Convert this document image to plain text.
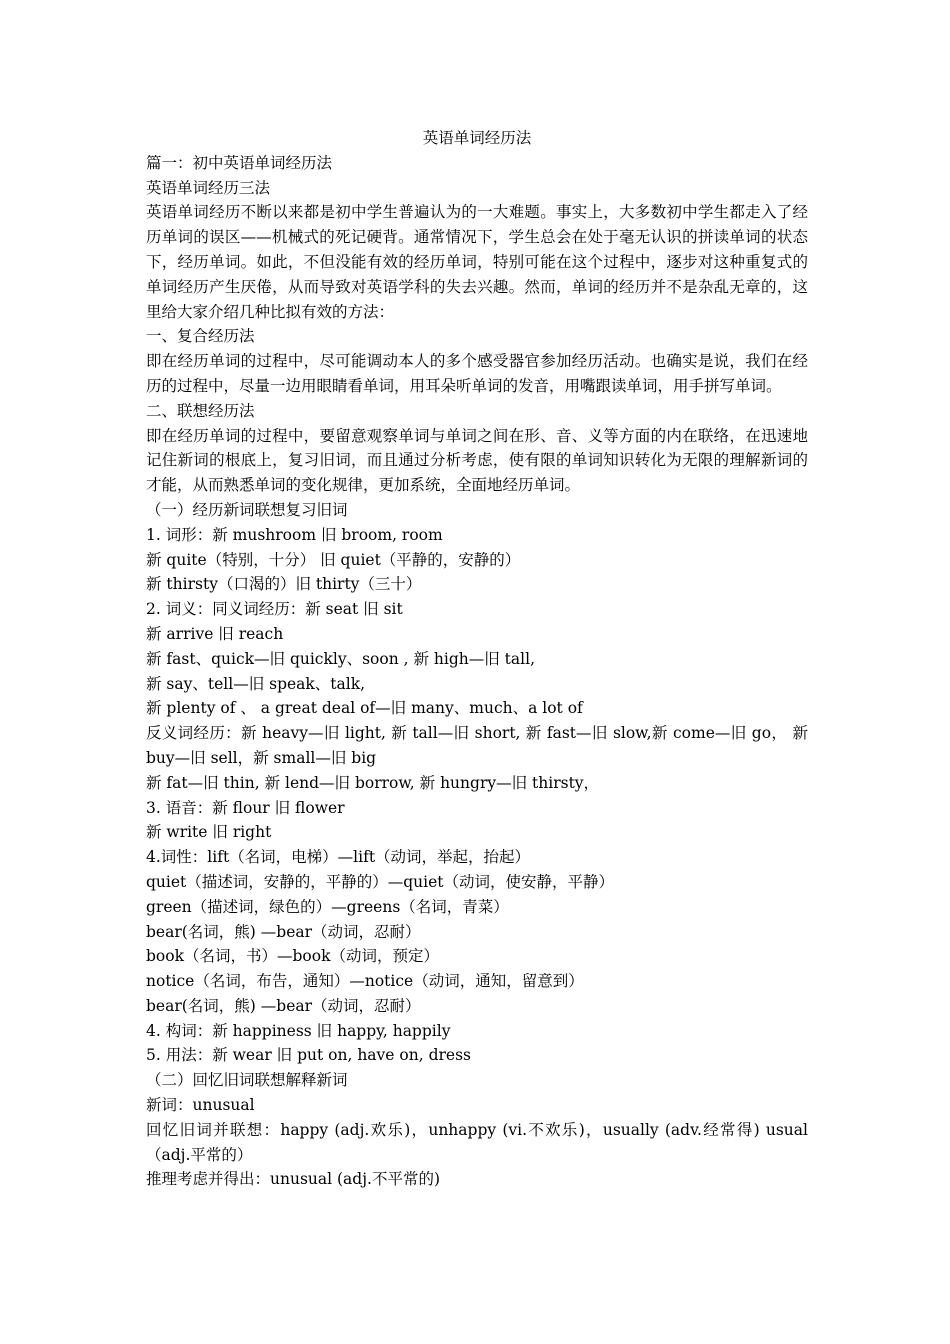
英语单词经历法

篇一：初中英语单词经历法

英语单词经历三法

英语单词经历不断以来都是初中学生普遍认为的一大难题。事实上，大多数初中学生都走入了经历单词的误区——机械式的死记硬背。通常情况下，学生总会在处于毫无认识的拼读单词的状态下，经历单词。如此，不但没能有效的经历单词，特别可能在这个过程中，逐步对这种重复式的单词经历产生厌倦，从而导致对英语学科的失去兴趣。然而，单词的经历并不是杂乱无章的，这里给大家介绍几种比拟有效的方法：

一、复合经历法

即在经历单词的过程中，尽可能调动本人的多个感受器官参加经历活动。也确实是说，我们在经历的过程中，尽量一边用眼睛看单词，用耳朵听单词的发音，用嘴跟读单词，用手拼写单词。

二、联想经历法

即在经历单词的过程中，要留意观察单词与单词之间在形、音、义等方面的内在联络，在迅速地记住新词的根底上，复习旧词，而且通过分析考虑，使有限的单词知识转化为无限的理解新词的才能，从而熟悉单词的变化规律，更加系统，全面地经历单词。

（一）经历新词联想复习旧词

1. 词形：新 mushroom 旧 broom, room

新 quite（特别，十分） 旧 quiet（平静的，安静的）

新 thirsty（口渴的）旧 thirty（三十）

2. 词义：同义词经历：新 seat 旧 sit

新 arrive 旧 reach

新 fast、quick—旧 quickly、soon , 新 high—旧 tall,

新 say、tell—旧 speak、talk,

新 plenty of 、 a great deal of—旧 many、much、a lot of

反义词经历：新 heavy—旧 light, 新 tall—旧 short, 新 fast—旧 slow,新 come—旧 go， 新 buy—旧 sell，新 small—旧 big

新 fat—旧 thin, 新 lend—旧 borrow, 新 hungry—旧 thirsty，

3. 语音：新 flour 旧 flower

新 write 旧 right

4.词性：lift（名词，电梯）—lift（动词，举起，抬起）

quiet（描述词，安静的，平静的）—quiet（动词，使安静，平静）

green（描述词，绿色的）—greens（名词，青菜）

bear(名词，熊) —bear（动词，忍耐）

book（名词，书）—book（动词，预定）

notice（名词，布告，通知）—notice（动词，通知，留意到）

bear(名词，熊) —bear（动词，忍耐）

4. 构词：新 happiness 旧 happy, happily

5. 用法：新 wear 旧 put on, have on, dress

（二）回忆旧词联想解释新词

新词：unusual

回忆旧词并联想：happy (adj.欢乐)，unhappy (vi.不欢乐)，usually (adv.经常得) usual（adj.平常的）

推理考虑并得出：unusual (adj.不平常的)
